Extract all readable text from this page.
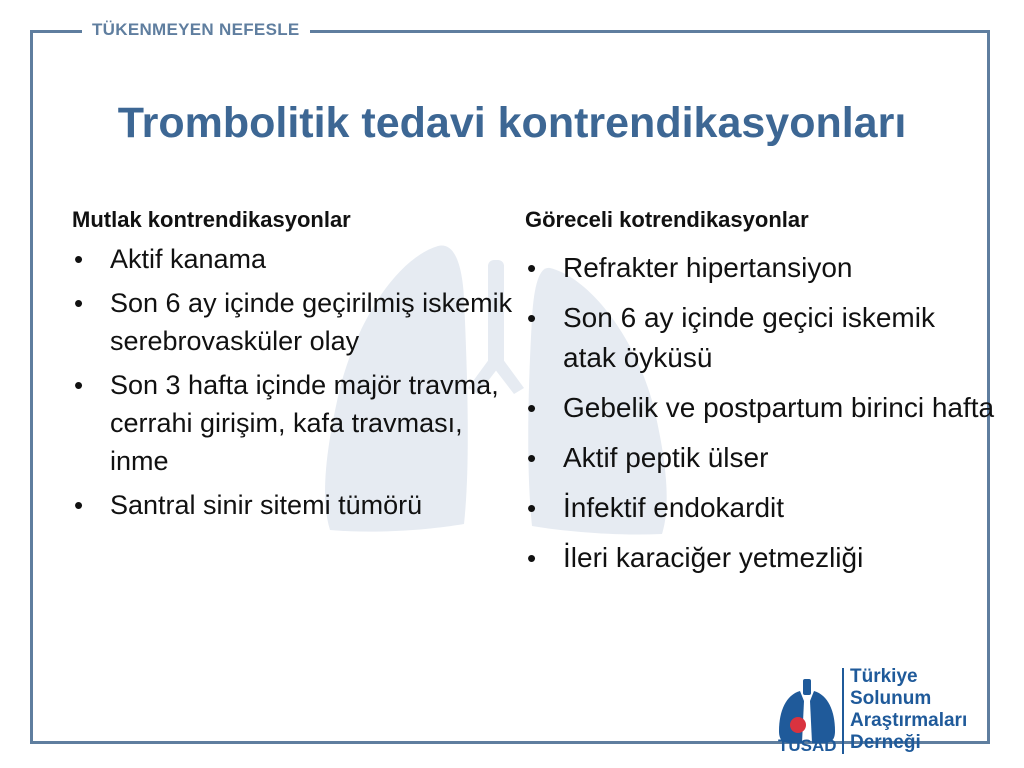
TÜKENMEYEN NEFESLE
Trombolitik tedavi kontrendikasyonları

Mutlak kontrendikasyonlar

• Aktif kanama
• Son 6 ay içinde geçirilmiş iskemik serebrovasküler olay
• Son 3 hafta içinde majör travma, cerrahi girişim, kafa travması, inme
• Santral sinir sitemi tümörü

Göreceli kotrendikasyonlar

• Refrakter hipertansiyon
• Son 6 ay içinde geçici iskemik atak öyküsü
• Gebelik ve postpartum birinci hafta
• Aktif peptik ülser
• İnfektif endokardit
• İleri karaciğer yetmezliği
TÜSAD
Türkiye
Solunum
Araştırmaları
Derneği
